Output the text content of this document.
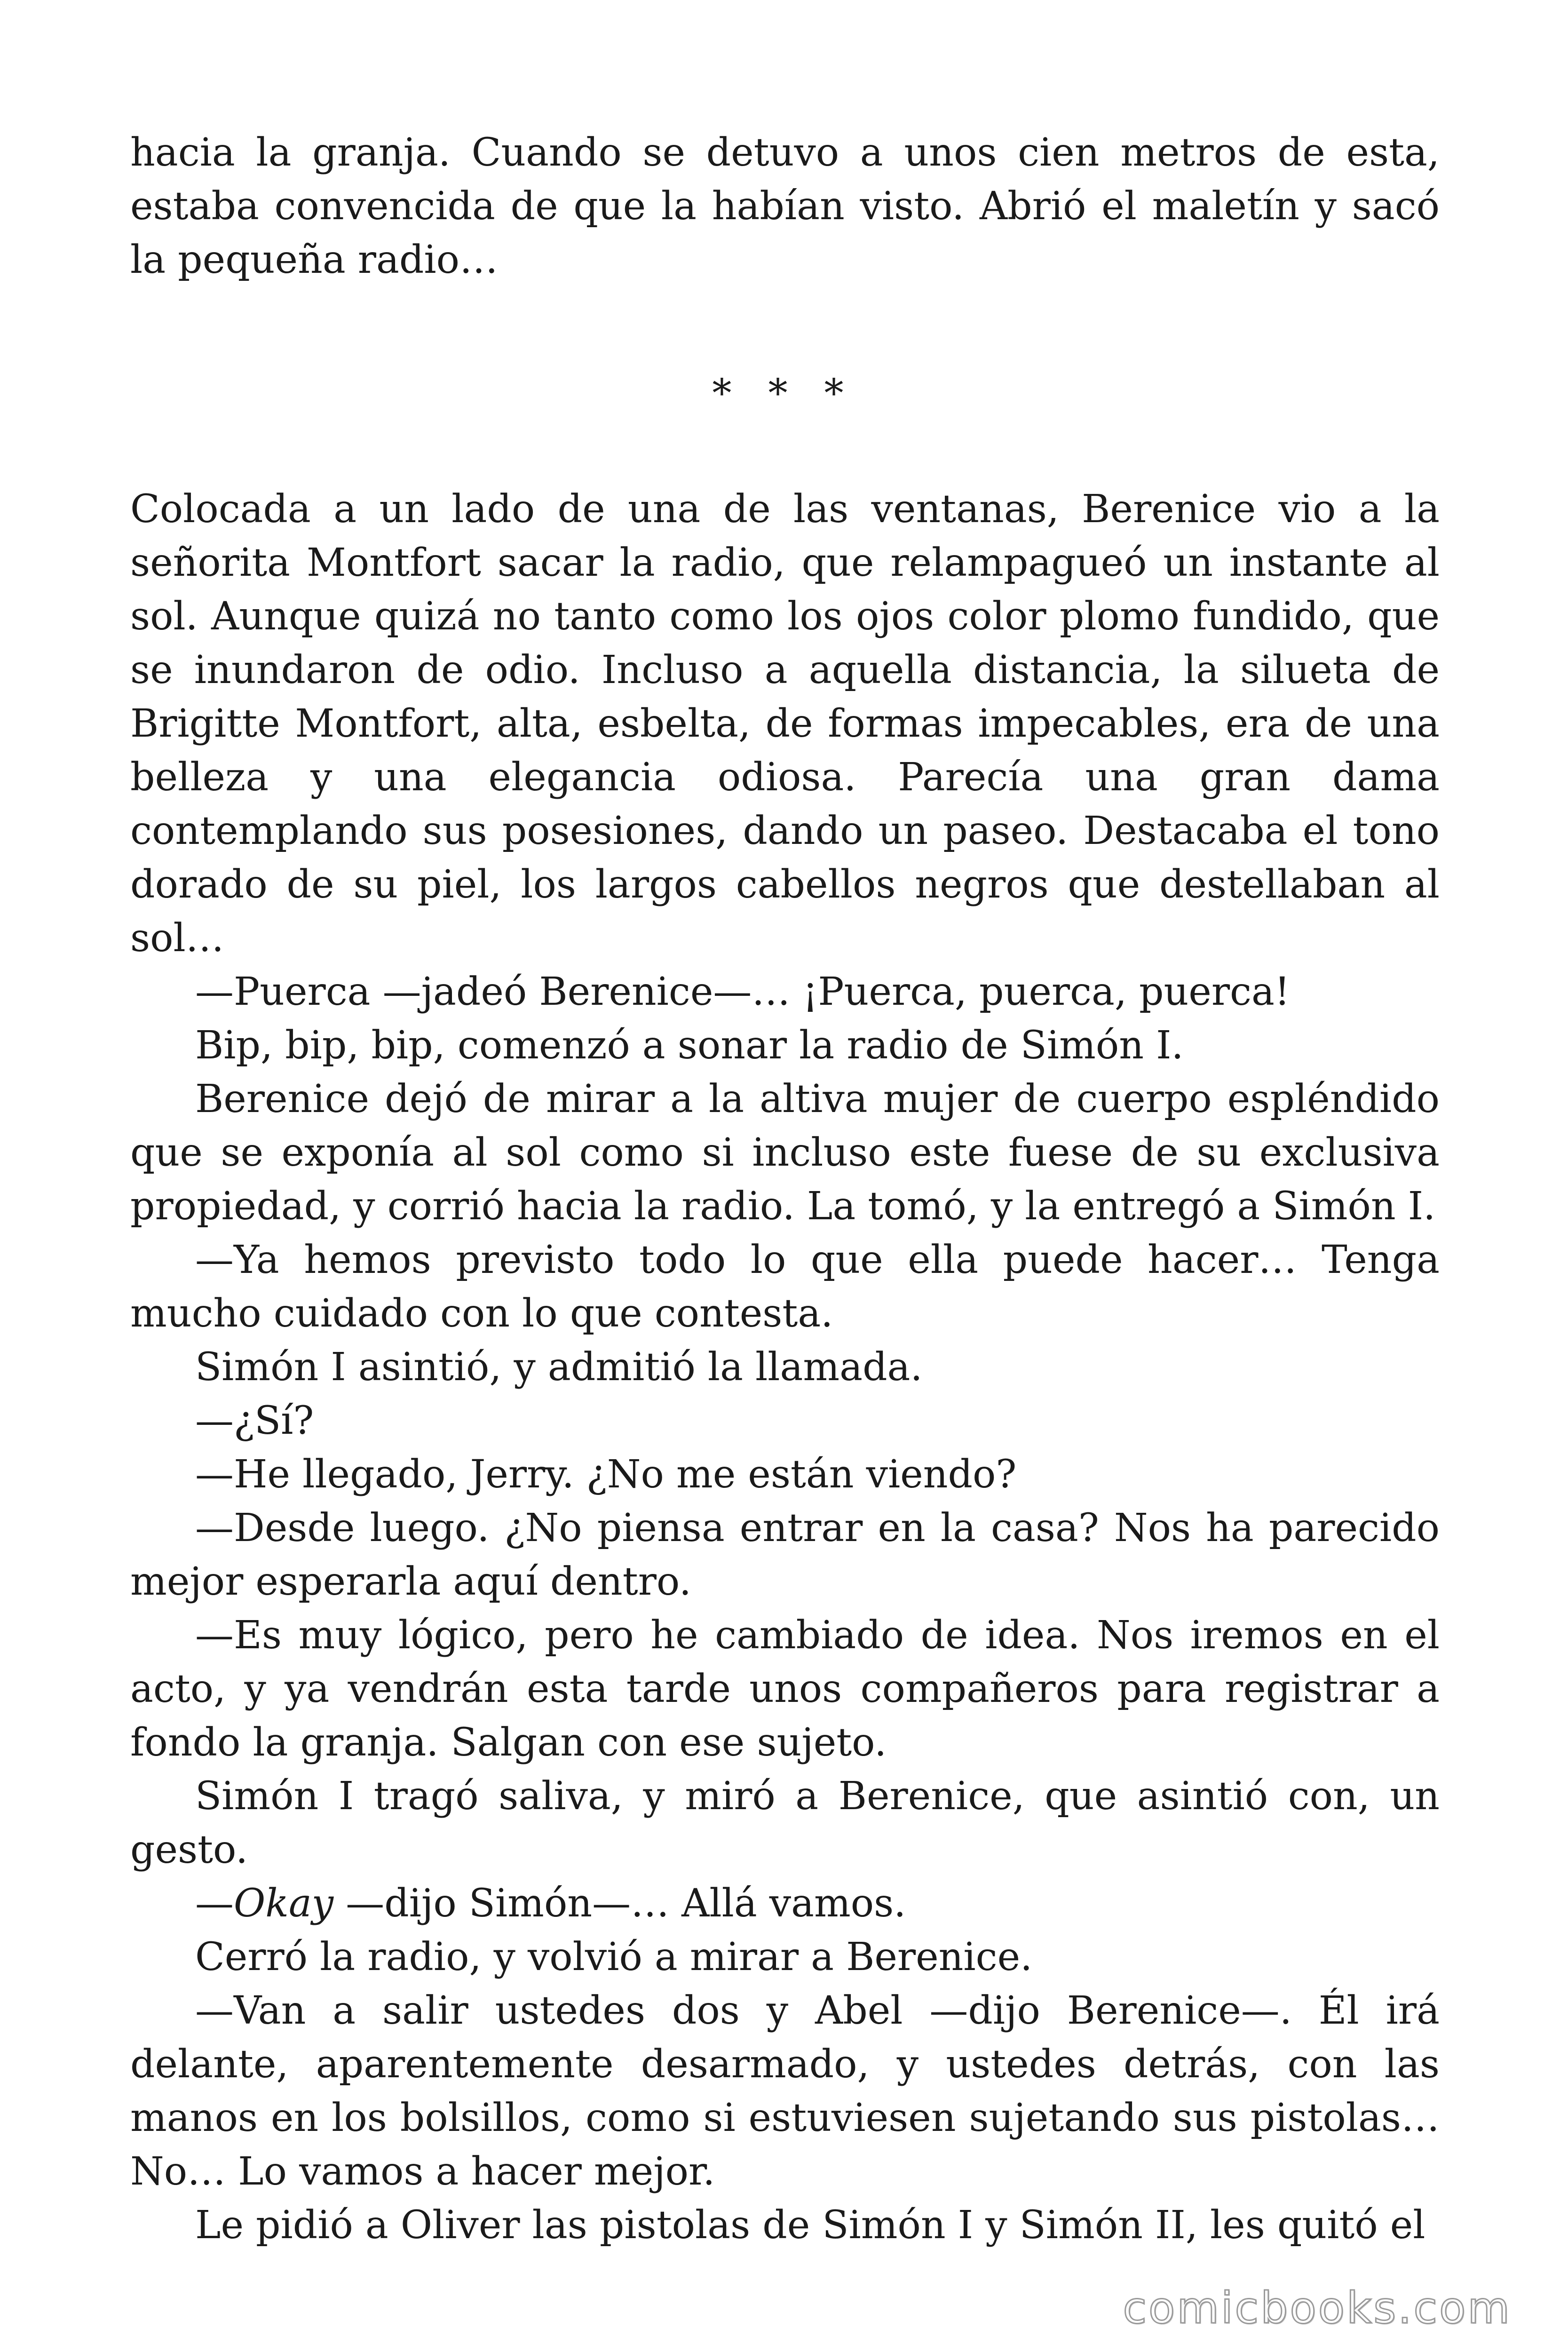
hacia la granja. Cuando se detuvo a unos cien metros de esta, estaba convencida de que la habían visto. Abrió el maletín y sacó la pequeña radio…

* * *

Colocada a un lado de una de las ventanas, Berenice vio a la señorita Montfort sacar la radio, que relampagueó un instante al sol. Aunque quizá no tanto como los ojos color plomo fundido, que se inundaron de odio. Incluso a aquella distancia, la silueta de Brigitte Montfort, alta, esbelta, de formas impecables, era de una belleza y una elegancia odiosa. Parecía una gran dama contemplando sus posesiones, dando un paseo. Destacaba el tono dorado de su piel, los largos cabellos negros que destellaban al sol…

—Puerca —jadeó Berenice—… ¡Puerca, puerca, puerca!

Bip, bip, bip, comenzó a sonar la radio de Simón I.

Berenice dejó de mirar a la altiva mujer de cuerpo espléndido que se exponía al sol como si incluso este fuese de su exclusiva propiedad, y corrió hacia la radio. La tomó, y la entregó a Simón I.

—Ya hemos previsto todo lo que ella puede hacer… Tenga mucho cuidado con lo que contesta.

Simón I asintió, y admitió la llamada.

—¿Sí?

—He llegado, Jerry. ¿No me están viendo?

—Desde luego. ¿No piensa entrar en la casa? Nos ha parecido mejor esperarla aquí dentro.

—Es muy lógico, pero he cambiado de idea. Nos iremos en el acto, y ya vendrán esta tarde unos compañeros para registrar a fondo la granja. Salgan con ese sujeto.

Simón I tragó saliva, y miró a Berenice, que asintió con, un gesto.

—Okay —dijo Simón—… Allá vamos.

Cerró la radio, y volvió a mirar a Berenice.

—Van a salir ustedes dos y Abel —dijo Berenice—. Él irá delante, aparentemente desarmado, y ustedes detrás, con las manos en los bolsillos, como si estuviesen sujetando sus pistolas… No… Lo vamos a hacer mejor.

Le pidió a Oliver las pistolas de Simón I y Simón II, les quitó el

comicbooks.com
